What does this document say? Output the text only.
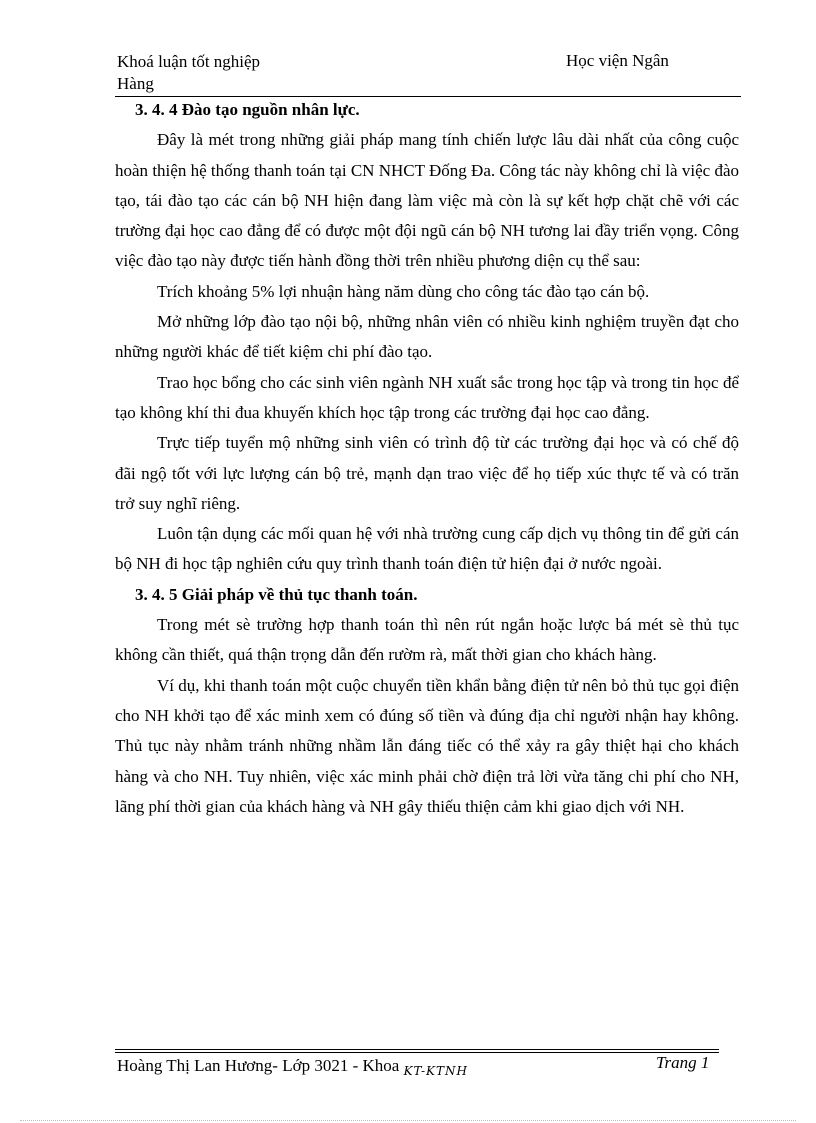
Khoá luận tốt nghiệp
Hàng
Học viện Ngân

3. 4. 4 Đào tạo nguồn nhân lực.

Đây là mét trong những giải pháp mang tính chiến lược lâu dài nhất của công cuộc hoàn thiện hệ thống thanh toán tại CN NHCT Đống Đa. Công tác này không chỉ là việc đào tạo, tái đào tạo các cán bộ NH hiện đang làm việc mà còn là sự kết hợp chặt chẽ với các trường đại học cao đẳng để có được một đội ngũ cán bộ NH tương lai đầy triển vọng. Công việc đào tạo này được tiến hành đồng thời trên nhiều phương diện cụ thể sau:

Trích khoảng 5% lợi nhuận hàng năm dùng cho công tác đào tạo cán bộ.

Mở những lớp đào tạo nội bộ, những nhân viên có nhiều kinh nghiệm truyền đạt cho những người khác để tiết kiệm chi phí đào tạo.

Trao học bổng cho các sinh viên ngành NH xuất sắc trong học tập và trong tin học để tạo không khí thi đua khuyến khích học tập trong các trường đại học cao đẳng.

Trực tiếp tuyển mộ những sinh viên có trình độ từ các trường đại học và có chế độ đãi ngộ tốt với lực lượng cán bộ trẻ, mạnh dạn trao việc để họ tiếp xúc thực tế và có trăn trở suy nghĩ riêng.

Luôn tận dụng các mối quan hệ với nhà trường cung cấp dịch vụ thông tin để gửi cán bộ NH đi học tập nghiên cứu quy trình thanh toán điện tử hiện đại ở nước ngoài.

3. 4. 5 Giải pháp về thủ tục thanh toán.

Trong mét sè trường hợp thanh toán thì nên rút ngắn hoặc lược bá mét sè thủ tục không cần thiết, quá thận trọng dẫn đến rườm rà, mất thời gian cho khách hàng.

Ví dụ, khi thanh toán một cuộc chuyển tiền khẩn bằng điện tử nên bỏ thủ tục gọi điện cho NH khởi tạo để xác minh xem có đúng số tiền và đúng địa chỉ người nhận hay không. Thủ tục này nhằm tránh những nhầm lẫn đáng tiếc có thể xảy ra gây thiệt hại cho khách hàng và cho NH. Tuy nhiên, việc xác minh phải chờ điện trả lời vừa tăng chi phí cho NH, lãng phí thời gian của khách hàng và NH gây thiếu thiện cảm khi giao dịch với NH.

Hoàng Thị Lan Hương- Lớp 3021 - Khoa $_{KT-KTNH}$	Trang 1
